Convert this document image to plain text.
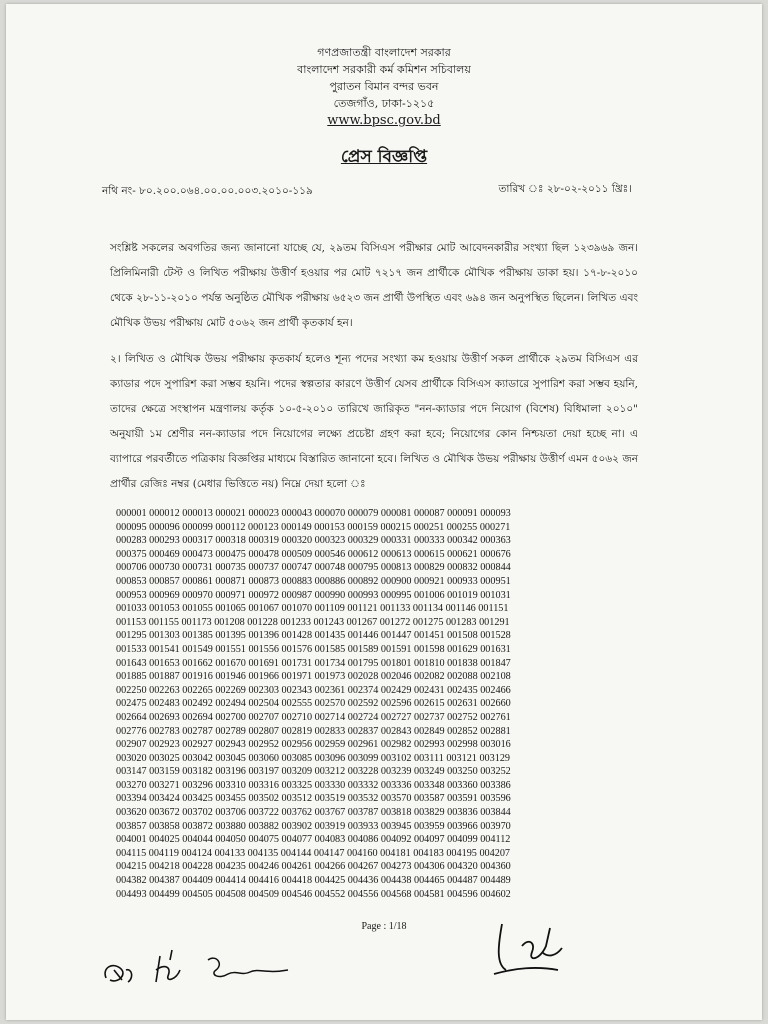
গণপ্রজাতন্ত্রী বাংলাদেশ সরকার
বাংলাদেশ সরকারী কর্ম কমিশন সচিবালয়
পুরাতন বিমান বন্দর ভবন
তেজগাঁও, ঢাকা-১২১৫
www.bpsc.gov.bd
প্রেস বিজ্ঞপ্তি
নথি নং- ৮০.২০০.০৬৪.০০.০০.০০৩.২০১০-১১৯	তারিখ ঃ ২৮-০২-২০১১ খ্রিঃ।
সংশ্লিষ্ট সকলের অবগতির জন্য জানানো যাচ্ছে যে, ২৯তম বিসিএস পরীক্ষার মোট আবেদনকারীর সংখ্যা ছিল ১২৩৯৬৯ জন। প্রিলিমিনারী টেস্ট ও লিখিত পরীক্ষায় উত্তীর্ণ হওয়ার পর মোট ৭২১৭ জন প্রার্থীকে মৌখিক পরীক্ষায় ডাকা হয়। ১৭-৮-২০১০ থেকে ২৮-১১-২০১০ পর্যন্ত অনুষ্ঠিত মৌখিক পরীক্ষায় ৬৫২৩ জন প্রার্থী উপস্থিত এবং ৬৯৪ জন অনুপস্থিত ছিলেন। লিখিত এবং মৌখিক উভয় পরীক্ষায় মোট ৫০৬২ জন প্রার্থী কৃতকার্য হন।
২। লিখিত ও মৌখিক উভয় পরীক্ষায় কৃতকার্য হলেও শূন্য পদের সংখ্যা কম হওয়ায় উত্তীর্ণ সকল প্রার্থীকে ২৯তম বিসিএস এর ক্যাডার পদে সুপারিশ করা সম্ভব হয়নি। পদের স্বল্পতার কারণে উত্তীর্ণ যেসব প্রার্থীকে বিসিএস ক্যাডারে সুপারিশ করা সম্ভব হয়নি, তাদের ক্ষেত্রে সংস্থাপন মন্ত্রণালয় কর্তৃক ১০-৫-২০১০ তারিখে জারিকৃত "নন-ক্যাডার পদে নিয়োগ (বিশেষ) বিধিমালা ২০১০" অনুযায়ী ১ম শ্রেণীর নন-ক্যাডার পদে নিয়োগের লক্ষ্যে প্রচেষ্টা গ্রহণ করা হবে; নিয়োগের কোন নিশ্চয়তা দেয়া হচ্ছে না। এ ব্যাপারে পরবর্তীতে পত্রিকায় বিজ্ঞপ্তির মাধ্যমে বিস্তারিত জানানো হবে। লিখিত ও মৌখিক উভয় পরীক্ষায় উত্তীর্ণ এমন ৫০৬২ জন প্রার্থীর রেজিঃ নম্বর (মেধার ভিত্তিতে নয়) নিম্নে দেয়া হলো ঃ
000001 000012 000013 000021 000023 000043 000070 000079 000081 000087 000091 000093
000095 000096 000099 000112 000123 000149 000153 000159 000215 000251 000255 000271
000283 000293 000317 000318 000319 000320 000323 000329 000331 000333 000342 000363
000375 000469 000473 000475 000478 000509 000546 000612 000613 000615 000621 000676
000706 000730 000731 000735 000737 000747 000748 000795 000813 000829 000832 000844
000853 000857 000861 000871 000873 000883 000886 000892 000900 000921 000933 000951
000953 000969 000970 000971 000972 000987 000990 000993 000995 001006 001019 001031
001033 001053 001055 001065 001067 001070 001109 001121 001133 001134 001146 001151
001153 001155 001173 001208 001228 001233 001243 001267 001272 001275 001283 001291
001295 001303 001385 001395 001396 001428 001435 001446 001447 001451 001508 001528
001533 001541 001549 001551 001556 001576 001585 001589 001591 001598 001629 001631
001643 001653 001662 001670 001691 001731 001734 001795 001801 001810 001838 001847
001885 001887 001916 001946 001966 001971 001973 002028 002046 002082 002088 002108
002250 002263 002265 002269 002303 002343 002361 002374 002429 002431 002435 002466
002475 002483 002492 002494 002504 002555 002570 002592 002596 002615 002631 002660
002664 002693 002694 002700 002707 002710 002714 002724 002727 002737 002752 002761
002776 002783 002787 002789 002807 002819 002833 002837 002843 002849 002852 002881
002907 002923 002927 002943 002952 002956 002959 002961 002982 002993 002998 003016
003020 003025 003042 003045 003060 003085 003096 003099 003102 003111 003121 003129
003147 003159 003182 003196 003197 003209 003212 003228 003239 003249 003250 003252
003270 003271 003296 003310 003316 003325 003330 003332 003336 003348 003360 003386
003394 003424 003425 003455 003502 003512 003519 003532 003570 003587 003591 003596
003620 003672 003702 003706 003722 003762 003767 003787 003818 003829 003836 003844
003857 003858 003872 003880 003882 003902 003919 003933 003945 003959 003966 003970
004001 004025 004044 004050 004075 004077 004083 004086 004092 004097 004099 004112
004115 004119 004124 004133 004135 004144 004147 004160 004181 004183 004195 004207
004215 004218 004228 004235 004246 004261 004266 004267 004273 004306 004320 004360
004382 004387 004409 004414 004416 004418 004425 004436 004438 004465 004487 004489
004493 004499 004505 004508 004509 004546 004552 004556 004568 004581 004596 004602
Page : 1/18
